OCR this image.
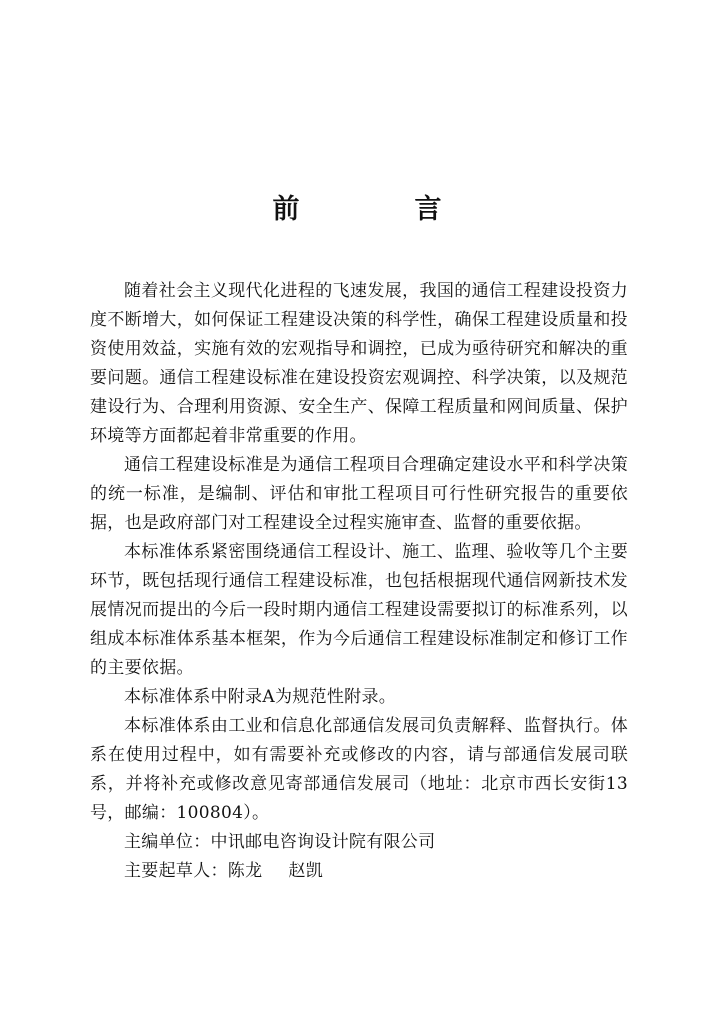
前　言

随着社会主义现代化进程的飞速发展，我国的通信工程建设投资力度不断增大，如何保证工程建设决策的科学性，确保工程建设质量和投资使用效益，实施有效的宏观指导和调控，已成为亟待研究和解决的重要问题。通信工程建设标准在建设投资宏观调控、科学决策，以及规范建设行为、合理利用资源、安全生产、保障工程质量和网间质量、保护环境等方面都起着非常重要的作用。

通信工程建设标准是为通信工程项目合理确定建设水平和科学决策的统一标准，是编制、评估和审批工程项目可行性研究报告的重要依据，也是政府部门对工程建设全过程实施审查、监督的重要依据。

本标准体系紧密围绕通信工程设计、施工、监理、验收等几个主要环节，既包括现行通信工程建设标准，也包括根据现代通信网新技术发展情况而提出的今后一段时期内通信工程建设需要拟订的标准系列，以组成本标准体系基本框架，作为今后通信工程建设标准制定和修订工作的主要依据。

本标准体系中附录A为规范性附录。

本标准体系由工业和信息化部通信发展司负责解释、监督执行。体系在使用过程中，如有需要补充或修改的内容，请与部通信发展司联系，并将补充或修改意见寄部通信发展司（地址：北京市西长安街13号，邮编：100804）。

主编单位：中讯邮电咨询设计院有限公司

主要起草人：陈龙 赵凯
